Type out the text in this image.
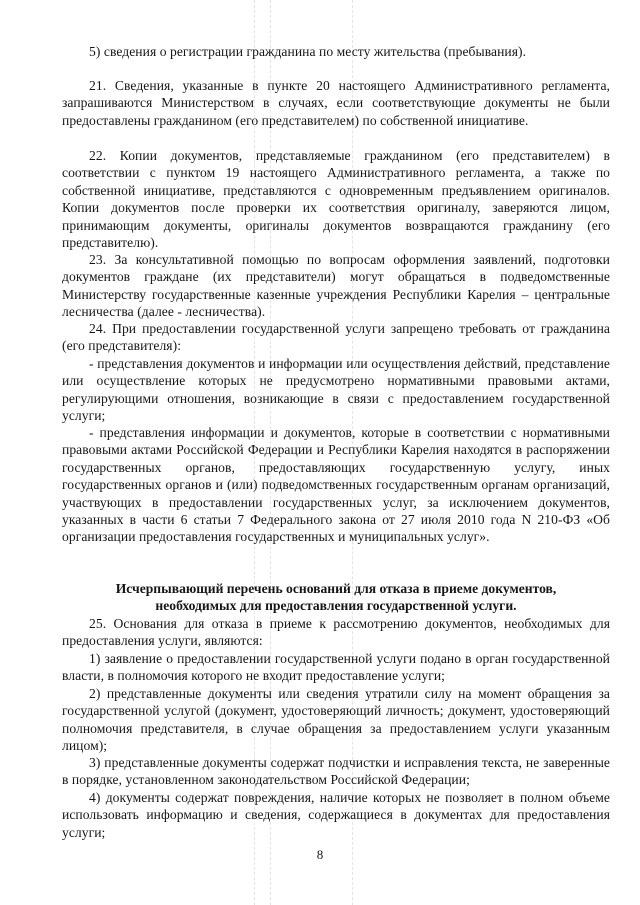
5) сведения о регистрации гражданина по месту жительства (пребывания).
21. Сведения, указанные в пункте 20 настоящего Административного регламента, запрашиваются Министерством в случаях, если соответствующие документы не были предоставлены гражданином (его представителем) по собственной инициативе.
22. Копии документов, представляемые гражданином (его представителем) в соответствии с пунктом 19 настоящего Административного регламента, а также по собственной инициативе, представляются с одновременным предъявлением оригиналов. Копии документов после проверки их соответствия оригиналу, заверяются лицом, принимающим документы, оригиналы документов возвращаются гражданину (его представителю).
23. За консультативной помощью по вопросам оформления заявлений, подготовки документов граждане (их представители) могут обращаться в подведомственные Министерству государственные казенные учреждения Республики Карелия – центральные лесничества (далее - лесничества).
24. При предоставлении государственной услуги запрещено требовать от гражданина (его представителя):
- представления документов и информации или осуществления действий, представление или осуществление которых не предусмотрено нормативными правовыми актами, регулирующими отношения, возникающие в связи с предоставлением государственной услуги;
- представления информации и документов, которые в соответствии с нормативными правовыми актами Российской Федерации и Республики Карелия находятся в распоряжении государственных органов, предоставляющих государственную услугу, иных государственных органов и (или) подведомственных государственным органам организаций, участвующих в предоставлении государственных услуг, за исключением документов, указанных в части 6 статьи 7 Федерального закона от 27 июля 2010 года N 210-ФЗ «Об организации предоставления государственных и муниципальных услуг».
Исчерпывающий перечень оснований для отказа в приеме документов,
необходимых для предоставления государственной услуги.
25. Основания для отказа в приеме к рассмотрению документов, необходимых для предоставления услуги, являются:
1) заявление о предоставлении государственной услуги подано в орган государственной власти, в полномочия которого не входит предоставление услуги;
2) представленные документы или сведения утратили силу на момент обращения за государственной услугой (документ, удостоверяющий личность; документ, удостоверяющий полномочия представителя, в случае обращения за предоставлением услуги указанным лицом);
3) представленные документы содержат подчистки и исправления текста, не заверенные в порядке, установленном законодательством Российской Федерации;
4) документы содержат повреждения, наличие которых не позволяет в полном объеме использовать информацию и сведения, содержащиеся в документах для предоставления услуги;
8
